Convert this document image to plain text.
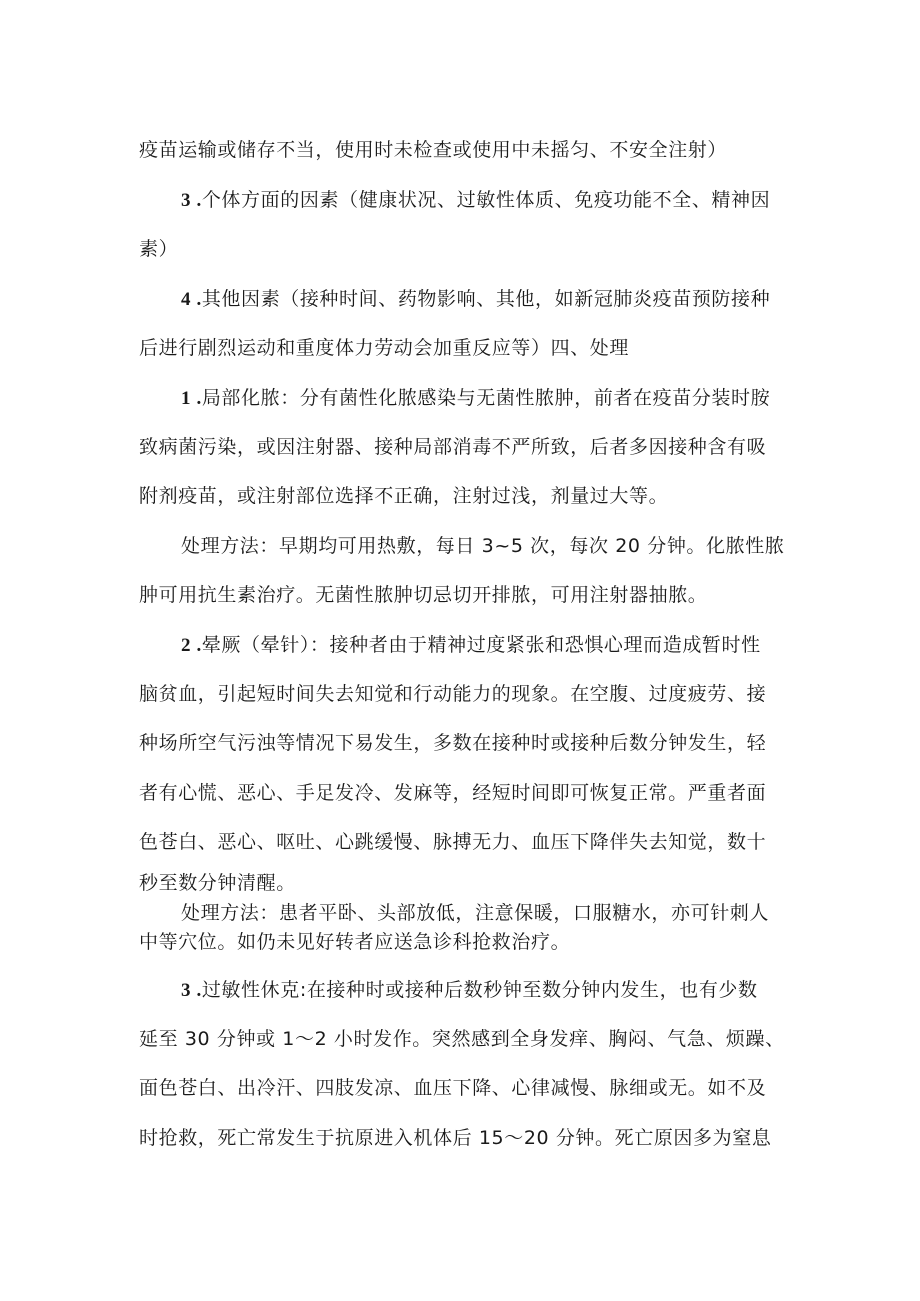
疫苗运输或储存不当，使用时未检查或使用中未摇匀、不安全注射）
3 .个体方面的因素（健康状况、过敏性体质、免疫功能不全、精神因
素）
4 .其他因素（接种时间、药物影响、其他，如新冠肺炎疫苗预防接种
后进行剧烈运动和重度体力劳动会加重反应等）四、处理
1 .局部化脓：分有菌性化脓感染与无菌性脓肿，前者在疫苗分装时胺
致病菌污染，或因注射器、接种局部消毒不严所致，后者多因接种含有吸
附剂疫苗，或注射部位选择不正确，注射过浅，剂量过大等。
处理方法：早期均可用热敷，每日 3~5 次，每次 20 分钟。化脓性脓
肿可用抗生素治疗。无菌性脓肿切忌切开排脓，可用注射器抽脓。
2 .晕厥（晕针）：接种者由于精神过度紧张和恐惧心理而造成暂时性
脑贫血，引起短时间失去知觉和行动能力的现象。在空腹、过度疲劳、接
种场所空气污浊等情况下易发生，多数在接种时或接种后数分钟发生，轻
者有心慌、恶心、手足发冷、发麻等，经短时间即可恢复正常。严重者面
色苍白、恶心、呕吐、心跳缓慢、脉搏无力、血压下降伴失去知觉，数十
秒至数分钟清醒。
处理方法：患者平卧、头部放低，注意保暖，口服糖水，亦可针刺人
中等穴位。如仍未见好转者应送急诊科抢救治疗。
3 .过敏性休克:在接种时或接种后数秒钟至数分钟内发生，也有少数
延至 30 分钟或 1～2 小时发作。突然感到全身发痒、胸闷、气急、烦躁、
面色苍白、出冷汗、四肢发凉、血压下降、心律减慢、脉细或无。如不及
时抢救，死亡常发生于抗原进入机体后 15～20 分钟。死亡原因多为窒息
